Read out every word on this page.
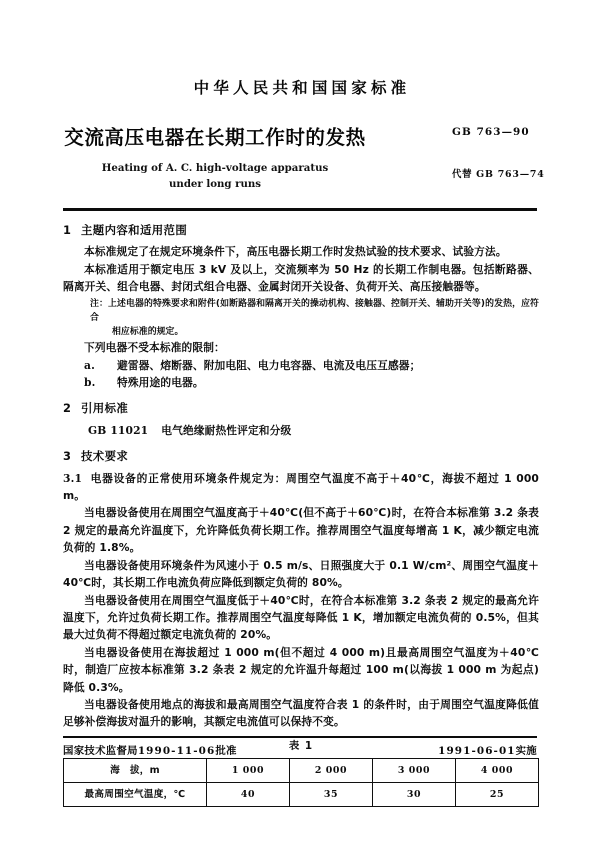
中华人民共和国国家标准
交流高压电器在长期工作时的发热
Heating of A. C. high-voltage apparatus
under long runs
GB 763—90
代替 GB 763—74
1 主题内容和适用范围

本标准规定了在规定环境条件下，高压电器长期工作时发热试验的技术要求、试验方法。

本标准适用于额定电压 3 kV 及以上，交流频率为 50 Hz 的长期工作制电器。包括断路器、隔离开关、组合电器、封闭式组合电器、金属封闭开关设备、负荷开关、高压接触器等。

注：上述电器的特殊要求和附件(如断路器和隔离开关的操动机构、接触器、控制开关、辅助开关等)的发热，应符合
相应标准的规定。

下列电器不受本标准的限制：

a. 避雷器、熔断器、附加电阻、电力电容器、电流及电压互感器；

b. 特殊用途的电器。

2 引用标准

GB 11021 电气绝缘耐热性评定和分级

3 技术要求

3.1 电器设备的正常使用环境条件规定为：周围空气温度不高于＋40℃，海拔不超过 1 000 m。

当电器设备使用在周围空气温度高于＋40℃(但不高于＋60℃)时，在符合本标准第 3.2 条表 2 规定的最高允许温度下，允许降低负荷长期工作。推荐周围空气温度每增高 1 K，减少额定电流负荷的 1.8%。

当电器设备使用环境条件为风速小于 0.5 m/s、日照强度大于 0.1 W/cm²、周围空气温度＋40℃时，其长期工作电流负荷应降低到额定负荷的 80%。

当电器设备使用在周围空气温度低于＋40℃时，在符合本标准第 3.2 条表 2 规定的最高允许温度下，允许过负荷长期工作。推荐周围空气温度每降低 1 K，增加额定电流负荷的 0.5%，但其最大过负荷不得超过额定电流负荷的 20%。

当电器设备使用在海拔超过 1 000 m(但不超过 4 000 m)且最高周围空气温度为＋40℃时，制造厂应按本标准第 3.2 条表 2 规定的允许温升每超过 100 m(以海拔 1 000 m 为起点)降低 0.3%。

当电器设备使用地点的海拔和最高周围空气温度符合表 1 的条件时，由于周围空气温度降低值足够补偿海拔对温升的影响，其额定电流值可以保持不变。

表 1
海　拔，m	1 000	2 000	3 000	4 000
最高周围空气温度，℃	40	35	30	25
国家技术监督局1990-11-06批准	1991-06-01实施
